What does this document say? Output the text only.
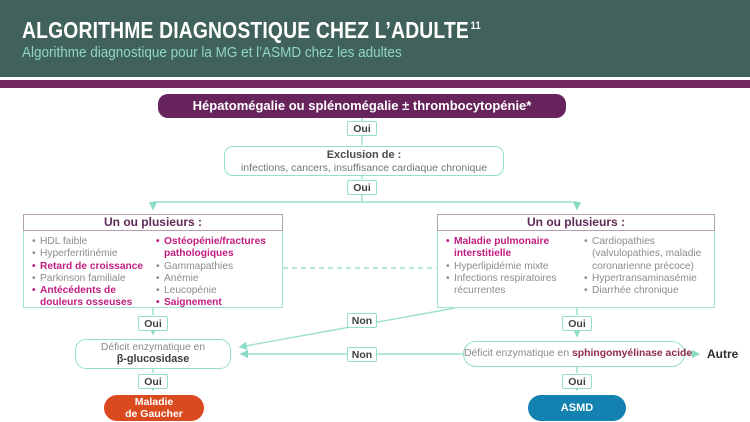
ALGORITHME DIAGNOSTIQUE CHEZ L’ADULTE $^{11}$
Algorithme diagnostique pour la MG et l’ASMD chez les adultes
Hépatomégalie ou splénomégalie ± thrombocytopénie*
Oui
Exclusion de :
infections, cancers, insuffisance cardiaque chronique
Oui
Un ou plusieurs :
• HDL faible
• Hyperferritinémie
• Retard de croissance
• Parkinson familiale
• Antécédents de douleurs osseuses
• Ostéopénie/fractures pathologiques
• Gammapathies
• Anémie
• Leucopénie
• Saignement
Un ou plusieurs :
• Maladie pulmonaire interstitielle
• Hyperlipidémie mixte
• Infections respiratoires récurrentes
• Cardiopathies (valvulopathies, maladie coronarienne précoce)
• Hypertransaminasémie
• Diarrhée chronique
Oui	Oui
Non
Non
Déficit enzymatique en
β-glucosidase	Déficit enzymatique en sphingomyélinase acide Autre
Oui	Oui
Maladie
de Gaucher	ASMD
